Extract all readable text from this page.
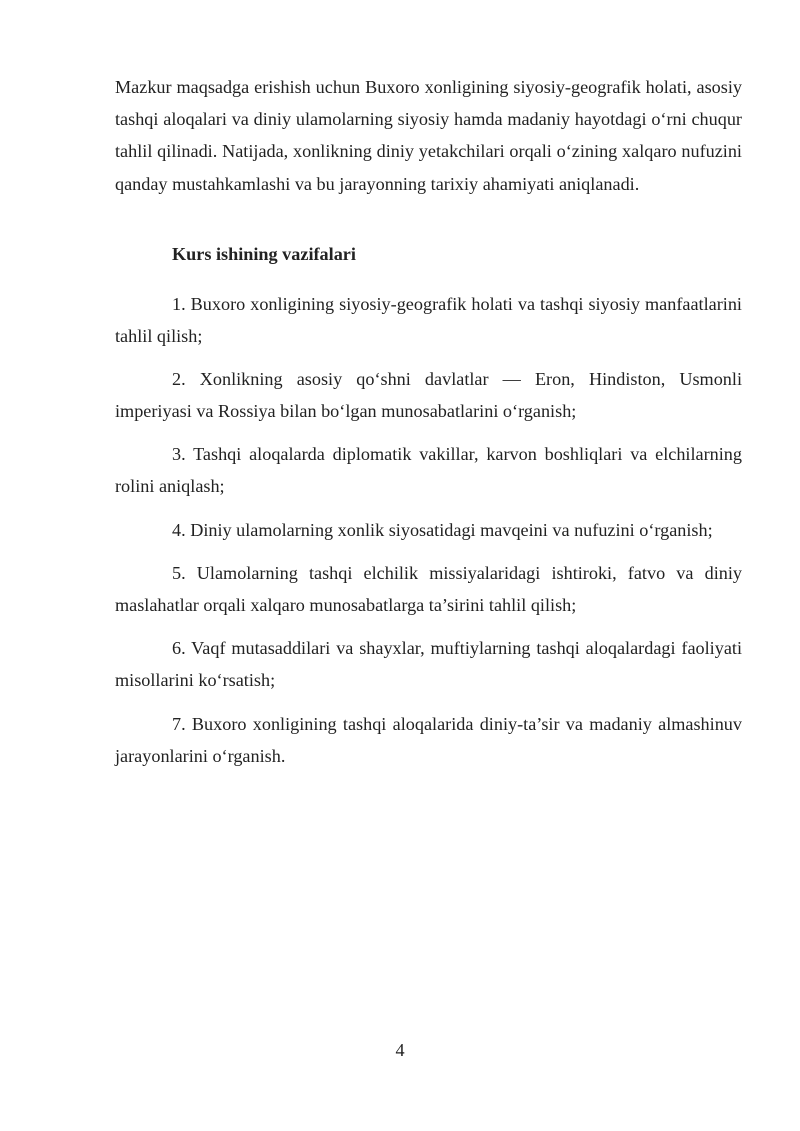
Mazkur maqsadga erishish uchun Buxoro xonligining siyosiy-geografik holati, asosiy tashqi aloqalari va diniy ulamolarning siyosiy hamda madaniy hayotdagi o‘rni chuqur tahlil qilinadi. Natijada, xonlikning diniy yetakchilari orqali o‘zining xalqaro nufuzini qanday mustahkamlashi va bu jarayonning tarixiy ahamiyati aniqlanadi.

Kurs ishining vazifalari

1. Buxoro xonligining siyosiy-geografik holati va tashqi siyosiy manfaatlarini tahlil qilish;

2. Xonlikning asosiy qo‘shni davlatlar — Eron, Hindiston, Usmonli imperiyasi va Rossiya bilan bo‘lgan munosabatlarini o‘rganish;

3. Tashqi aloqalarda diplomatik vakillar, karvon boshliqlari va elchilarning rolini aniqlash;

4. Diniy ulamolarning xonlik siyosatidagi mavqeini va nufuzini o‘rganish;

5. Ulamolarning tashqi elchilik missiyalaridagi ishtiroki, fatvo va diniy maslahatlar orqali xalqaro munosabatlarga ta’sirini tahlil qilish;

6. Vaqf mutasaddilari va shayxlar, muftiylarning tashqi aloqalardagi faoliyati misollarini ko‘rsatish;

7. Buxoro xonligining tashqi aloqalarida diniy-ta’sir va madaniy almashinuv jarayonlarini o‘rganish.

4
